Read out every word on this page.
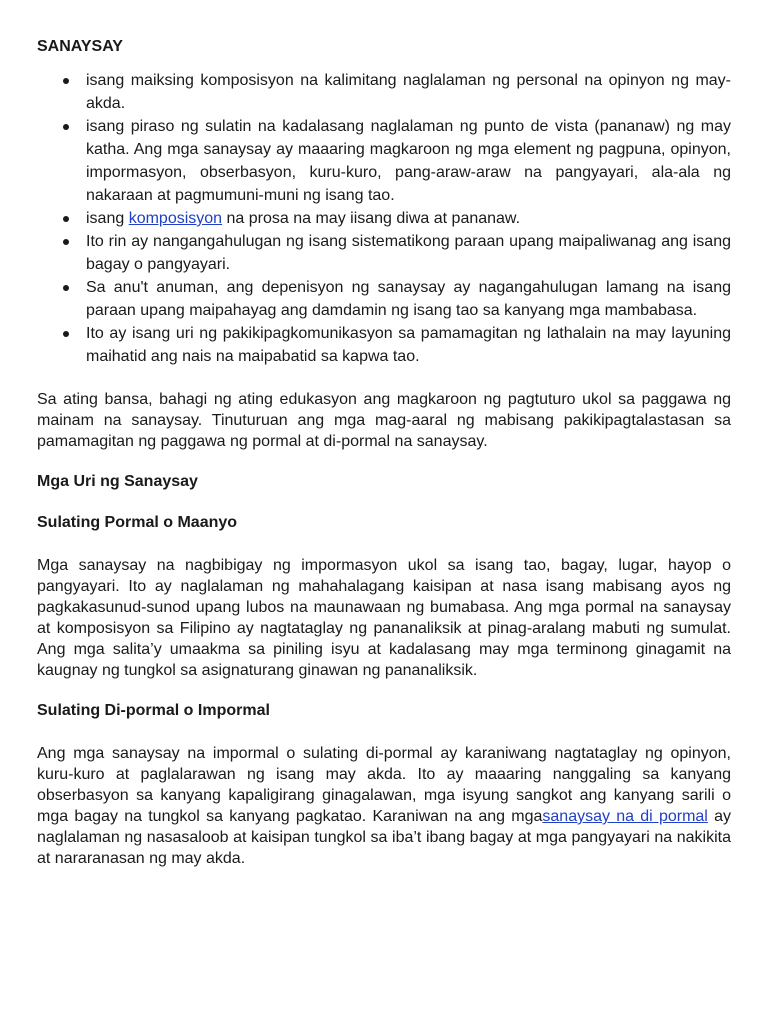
SANAYSAY
isang maiksing komposisyon na kalimitang naglalaman ng personal na opinyon ng may-akda.
isang piraso ng sulatin na kadalasang naglalaman ng punto de vista (pananaw) ng may katha. Ang mga sanaysay ay maaaring magkaroon ng mga element ng pagpuna, opinyon, impormasyon, obserbasyon, kuru-kuro, pang-araw-araw na pangyayari, ala-ala ng nakaraan at pagmumuni-muni ng isang tao.
isang komposisyon na prosa na may iisang diwa at pananaw.
Ito rin ay nangangahulugan ng isang sistematikong paraan upang maipaliwanag ang isang bagay o pangyayari.
Sa anu't anuman, ang depenisyon ng sanaysay ay nagangahulugan lamang na isang paraan upang maipahayag ang damdamin ng isang tao sa kanyang mga mambabasa.
Ito ay isang uri ng pakikipagkomunikasyon sa pamamagitan ng lathalain na may layuning maihatid ang nais na maipabatid sa kapwa tao.

Sa ating bansa, bahagi ng ating edukasyon ang magkaroon ng pagtuturo ukol sa paggawa ng mainam na sanaysay. Tinuturuan ang mga mag-aaral ng mabisang pakikipagtalastasan sa pamamagitan ng paggawa ng pormal at di-pormal na sanaysay.

Mga Uri ng Sanaysay
Sulating Pormal o Maanyo

Mga sanaysay na nagbibigay ng impormasyon ukol sa isang tao, bagay, lugar, hayop o pangyayari. Ito ay naglalaman ng mahahalagang kaisipan at nasa isang mabisang ayos ng pagkakasunud-sunod upang lubos na maunawaan ng bumabasa. Ang mga pormal na sanaysay at komposisyon sa Filipino ay nagtataglay ng pananaliksik at pinag-aralang mabuti ng sumulat. Ang mga salita’y umaakma sa piniling isyu at kadalasang may mga terminong ginagamit na kaugnay ng tungkol sa asignaturang ginawan ng pananaliksik.

Sulating Di-pormal o Impormal

Ang mga sanaysay na impormal o sulating di-pormal ay karaniwang nagtataglay ng opinyon, kuru-kuro at paglalarawan ng isang may akda. Ito ay maaaring nanggaling sa kanyang obserbasyon sa kanyang kapaligirang ginagalawan, mga isyung sangkot ang kanyang sarili o mga bagay na tungkol sa kanyang pagkatao. Karaniwan na ang mgasanaysay na di pormal ay naglalaman ng nasasaloob at kaisipan tungkol sa iba’t ibang bagay at mga pangyayari na nakikita at nararanasan ng may akda.
